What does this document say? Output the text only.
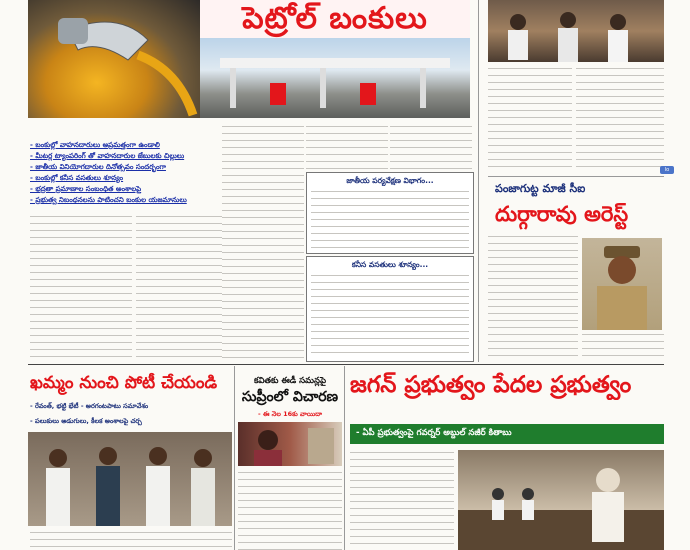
పెట్రోల్ బంకులు
- బంకుల్లో వాహనదారులు అప్రమత్తంగా ఉండాలి
- మీటర్ల ట్యాంపరింగ్ తో వాహనదారుల జేబులకు చిల్లులు
- జాతీయ వినియోగదారుల దినోత్సవం సందర్భంగా
- బంకుల్లో కనీస వసతులు శూన్యం
- భద్రతా ప్రమాణాల సంబంధిత అంశాలపై
- ప్రభుత్వ నిబంధనలను పాటించని బంకుల యజమానులు
జాతీయ పర్యవేక్షణ విభాగం...
కనీస వసతులు శూన్యం...
lo
పంజాగుట్ట మాజీ సీఐ
దుర్గారావు అరెస్ట్
ఖమ్మం నుంచి పోటీ చేయండి
- రేవంత్, భట్టి భేటీ - అరగంటపాటు సమావేశం
- పలుకులు అడుగులు, కీలక అంశాలపై చర్చ
కవితకు ఈడీ సమన్లపై
సుప్రీంలో విచారణ
- ఈ నెల 16కు వాయిదా
జగన్ ప్రభుత్వం పేదల ప్రభుత్వం
- ఏపీ ప్రభుత్వంపై గవర్నర్ అబ్దుల్ నజీర్ కితాబు
